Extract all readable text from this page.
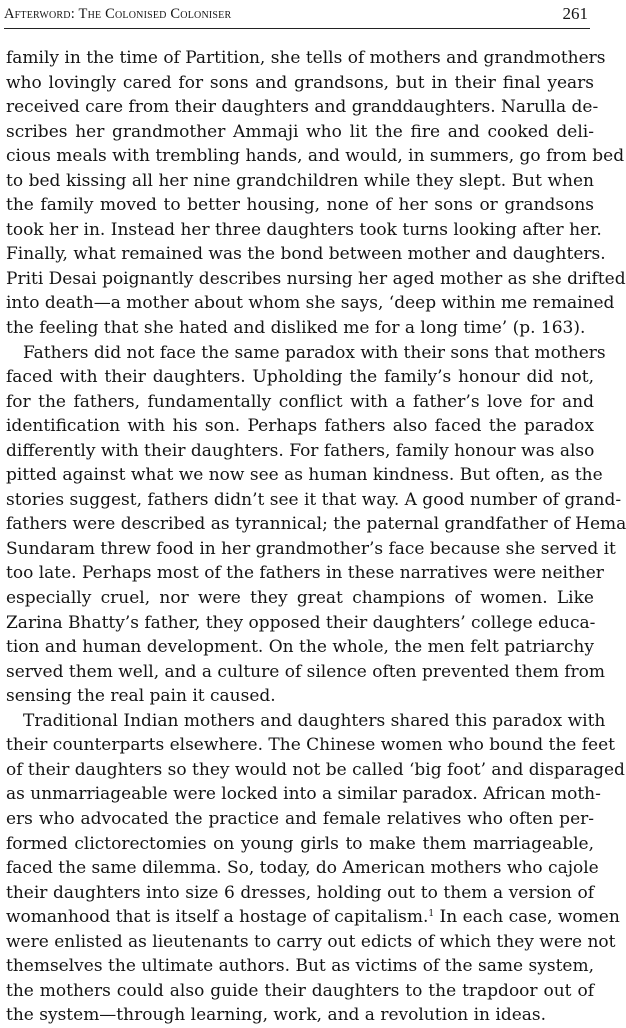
Afterword: The Colonised Coloniser	261
family in the time of Partition, she tells of mothers and grandmothers
who lovingly cared for sons and grandsons, but in their final years
received care from their daughters and granddaughters. Narulla de-
scribes her grandmother Ammaji who lit the fire and cooked deli-
cious meals with trembling hands, and would, in summers, go from bed
to bed kissing all her nine grandchildren while they slept. But when
the family moved to better housing, none of her sons or grandsons
took her in. Instead her three daughters took turns looking after her.
Finally, what remained was the bond between mother and daughters.
Priti Desai poignantly describes nursing her aged mother as she drifted
into death—a mother about whom she says, ‘deep within me remained
the feeling that she hated and disliked me for a long time’ (p. 163).
Fathers did not face the same paradox with their sons that mothers
faced with their daughters. Upholding the family’s honour did not,
for the fathers, fundamentally conflict with a father’s love for and
identification with his son. Perhaps fathers also faced the paradox
differently with their daughters. For fathers, family honour was also
pitted against what we now see as human kindness. But often, as the
stories suggest, fathers didn’t see it that way. A good number of grand-
fathers were described as tyrannical; the paternal grandfather of Hema
Sundaram threw food in her grandmother’s face because she served it
too late. Perhaps most of the fathers in these narratives were neither
especially cruel, nor were they great champions of women. Like
Zarina Bhatty’s father, they opposed their daughters’ college educa-
tion and human development. On the whole, the men felt patriarchy
served them well, and a culture of silence often prevented them from
sensing the real pain it caused.
Traditional Indian mothers and daughters shared this paradox with
their counterparts elsewhere. The Chinese women who bound the feet
of their daughters so they would not be called ‘big foot’ and disparaged
as unmarriageable were locked into a similar paradox. African moth-
ers who advocated the practice and female relatives who often per-
formed clictorectomies on young girls to make them marriageable,
faced the same dilemma. So, today, do American mothers who cajole
their daughters into size 6 dresses, holding out to them a version of
womanhood that is itself a hostage of capitalism.$^1$ In each case, women
were enlisted as lieutenants to carry out edicts of which they were not
themselves the ultimate authors. But as victims of the same system,
the mothers could also guide their daughters to the trapdoor out of
the system—through learning, work, and a revolution in ideas.
